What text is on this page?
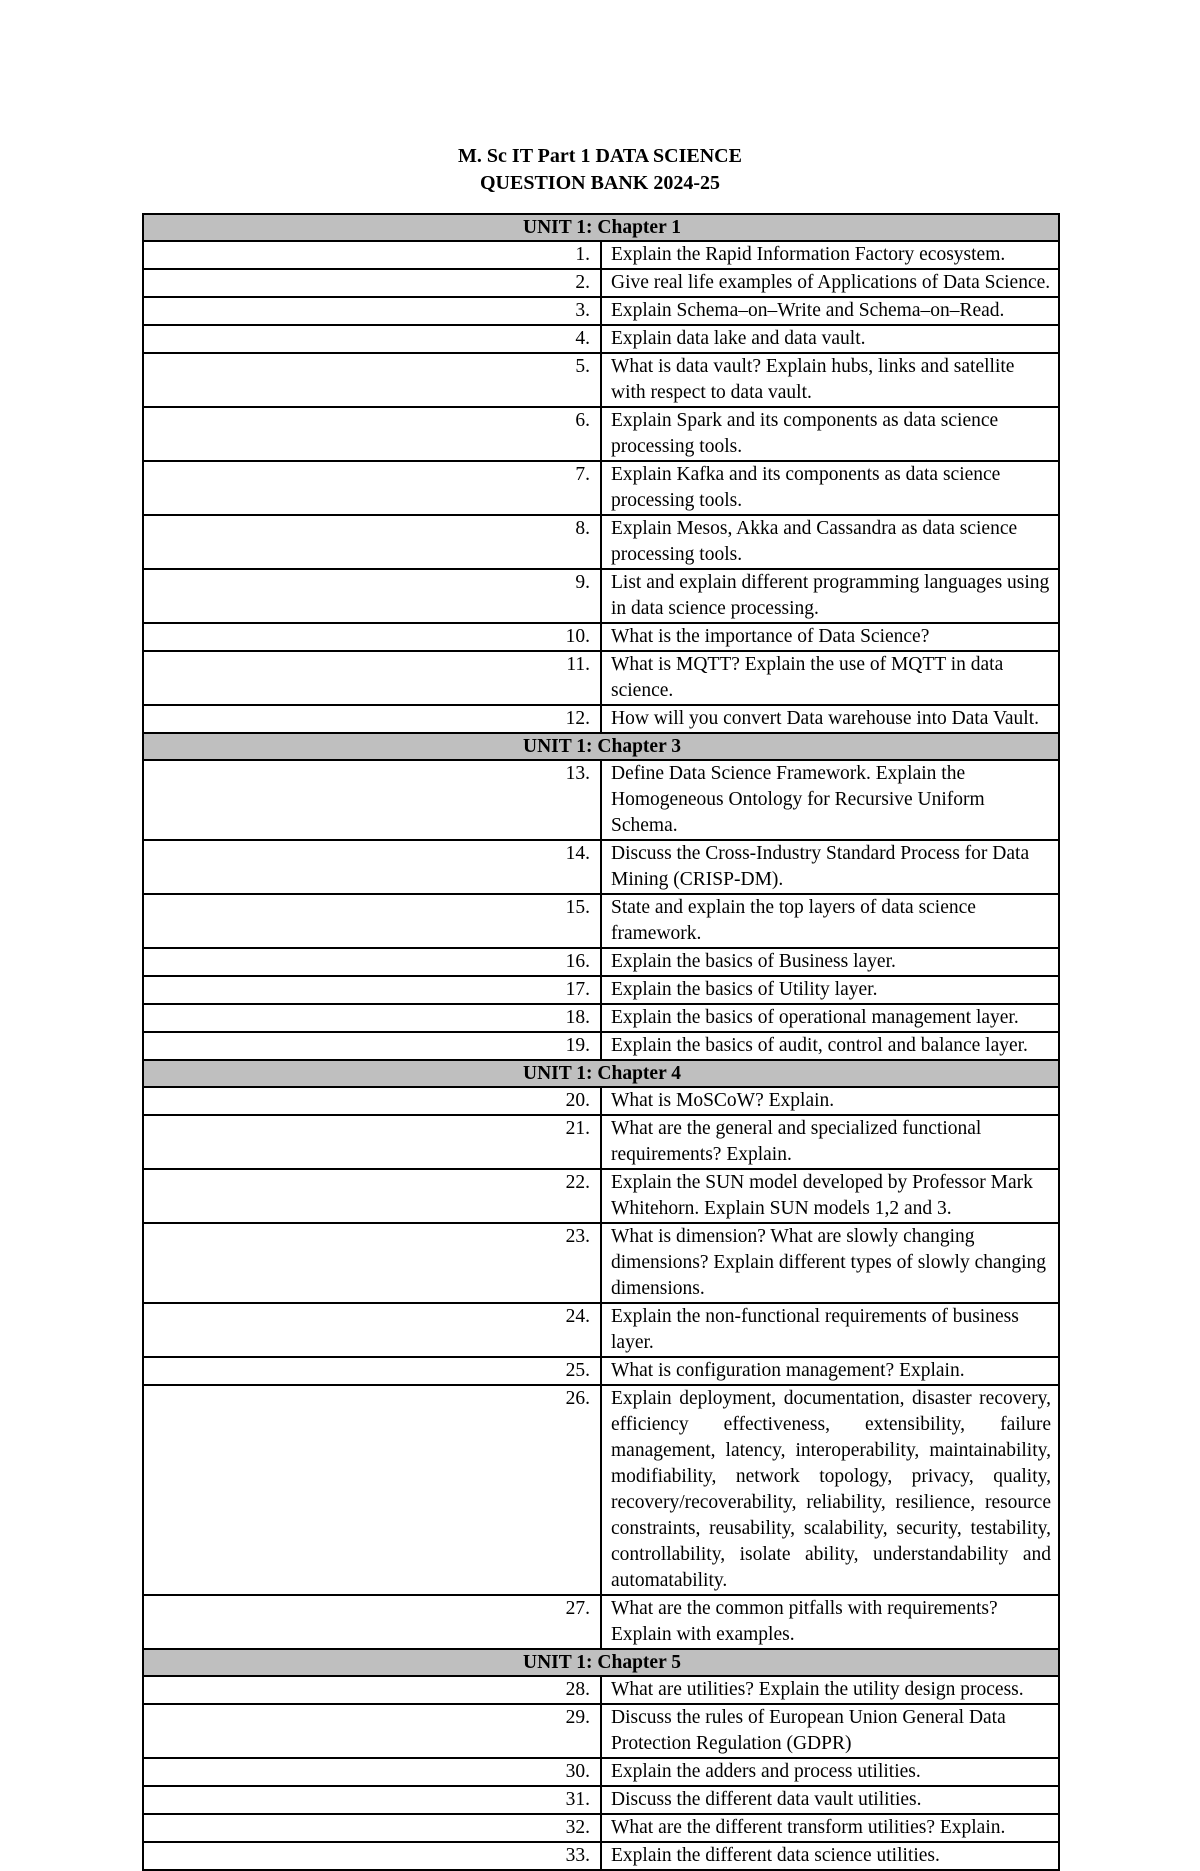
M. Sc IT Part 1 DATA SCIENCE
QUESTION BANK 2024-25
UNIT 1: Chapter 1	
1.	Explain the Rapid Information Factory ecosystem.
2.	Give real life examples of Applications of Data Science.
3.	Explain Schema–on–Write and Schema–on–Read.
4.	Explain data lake and data vault.
5.	What is data vault? Explain hubs, links and satellite with respect to data vault.
6.	Explain Spark and its components as data science processing tools.
7.	Explain Kafka and its components as data science processing tools.
8.	Explain Mesos, Akka and Cassandra as data science processing tools.
9.	List and explain different programming languages using in data science processing.
10.	What is the importance of Data Science?
11.	What is MQTT? Explain the use of MQTT in data science.
12.	How will you convert Data warehouse into Data Vault.
UNIT 1: Chapter 3	
13.	Define Data Science Framework. Explain the Homogeneous Ontology for Recursive Uniform Schema.
14.	Discuss the Cross-Industry Standard Process for Data Mining (CRISP-DM).
15.	State and explain the top layers of data science framework.
16.	Explain the basics of Business layer.
17.	Explain the basics of Utility layer.
18.	Explain the basics of operational management layer.
19.	Explain the basics of audit, control and balance layer.
UNIT 1: Chapter 4	
20.	What is MoSCoW? Explain.
21.	What are the general and specialized functional requirements? Explain.
22.	Explain the SUN model developed by Professor Mark Whitehorn. Explain SUN models 1,2 and 3.
23.	What is dimension? What are slowly changing dimensions? Explain different types of slowly changing dimensions.
24.	Explain the non-functional requirements of business layer.
25.	What is configuration management? Explain.
26.	Explain deployment, documentation, disaster recovery, efficiency effectiveness, extensibility, failure management, latency, interoperability, maintainability, modifiability, network topology, privacy, quality, recovery/recoverability, reliability, resilience, resource constraints, reusability, scalability, security, testability, controllability, isolate ability, understandability and automatability.
27.	What are the common pitfalls with requirements? Explain with examples.
UNIT 1: Chapter 5	
28.	What are utilities? Explain the utility design process.
29.	Discuss the rules of European Union General Data Protection Regulation (GDPR)
30.	Explain the adders and process utilities.
31.	Discuss the different data vault utilities.
32.	What are the different transform utilities? Explain.
33.	Explain the different data science utilities.
